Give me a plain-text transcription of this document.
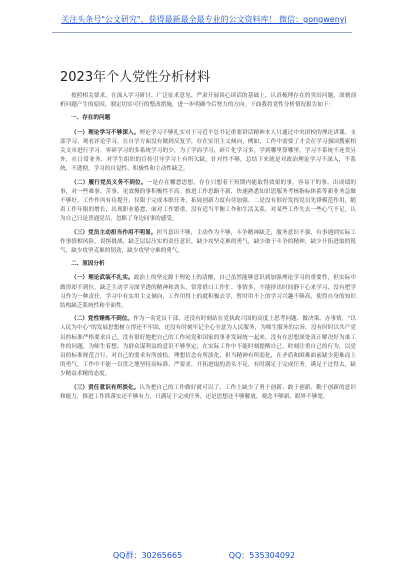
关注头条号"公文研究"，获得最新最全最专业的公文资料库！ 微信：gongwenyj
2023年个人党性分析材料

按照相关要求，在深入学习研讨、广泛征求意见、严肃开展谈心谈话的基础上，认真梳理存在的突出问题，深刻剖析问题产生的原因，制定切实可行的整改措施，进一步明确今后努力的方向。下面我将党性分析情况报告如下：

一、存在的问题

（一）理论学习不够深入。理论学习不够扎实对于习近平总书记重要讲话精神本人只通过中央团校的理论讲课、支部学习、观看评论学习、在自学方面没有做到反复学，存在实用主义倾向，例如，工作中需要了才会在学习强国搜索相关文章进行学习。零碎学习的多系统学习的少，为了学而学习，碎片化学习多，学到哪里算哪里，学习不系统不连贯另外，在日常业务、对学生组织的宣传引导学习上有所欠缺，针对性不够，总结下来就是对政治理论学习不深入，不系统，不透彻，学习的自觉性、积极性和主动性缺乏。

（二）履行党员义务不到位。一是存在懈怠思想，存在只想着干短期内能取得效果的事，容易干的事、出成绩的事，对一些难事、苦事、见效慢的事积极性不高。推进工作思路不新，快速熟悉知识思服务考核指标体系等新业务急做不够好，工作作风有待提升，仅限于完成本职任务，拓展创新力度有待加强。二是没有很好发挥党员先锋模范作用，随着工作年限的增长，出现职业倦怠，面对工作繁重，没有适当平衡工作和生活关系，对某些工作失去一些心气不足，认为自己只是普通党员，忽略了身边同事的感受。

（三）党员主动担当作用不明显。担当意识不够，主动作为不够，斗争精神缺乏，服务意识不强，有事遇到实际工作事情相风险，畏惧挑战，缺乏层层压实的责任意识，缺少攻坚克难的勇气，缺少敢于斗争的精神，缺少开拓进取的锐气，缺少攻坚克难的韧劲，缺少攻坚守难的勇气。

二、原因分析

（一）理论武装不扎实。政治上的坚定源于理论上的清醒，自己虽然能够意识到加强理论学习的重要性，但实际中做得却不到位，缺乏主动学习深学透的精神和劲头，常常借口工作忙、事情多，不能挤出时间静下心来学习，没有把学习作为一种责任，学习中有实用主义倾向，工作用得上的就积极去学，暂时用不上的学习兴趣不够高，使得自身的知识结构缺乏系统性和全面性。

（二）党性锤炼不到位。作为一名党员干部，还没有时刻站在党执政兴国的高度上思考问题、做决策、办事情，“以人民为中心”的发展思想树立得还不牢固，还没有时刻牢记全心全意为人民服务，为师生服务的宗旨。没有时时以共产党员的标准严格要求自己，没有很好地把自己的工作同党和国家的事业发展统一起来，没有在思想深处真正解决好为谁工作的问题，为师生着想、为群众谋利益的意识不够坚定，在实际工作中不能时刻提醒自己，时刻注重自己的行为，以党员的标准规范言行，对自己的要求有所放松，理想信念有所淡化，担当精神有所弱化，在矛盾和困难面前缺少迎难而上的勇气，工作中不能一以贯之地坚持高标准、严要求，开拓进取的劲头不足，有时满足于完成任务，满足于过得去，缺少精益求精的态度。

（三）责任意识有所淡化。认为把自己的工作做好就可以了，工作上缺少了勇于创新、敢于创新、勤于创新的意识和能力，推进工作抓落实还不够有力，只满足于完成任务，还是思想还不够解放、观念不够新、眼界不够宽。

QQ群：30265665	QQ：535304092
